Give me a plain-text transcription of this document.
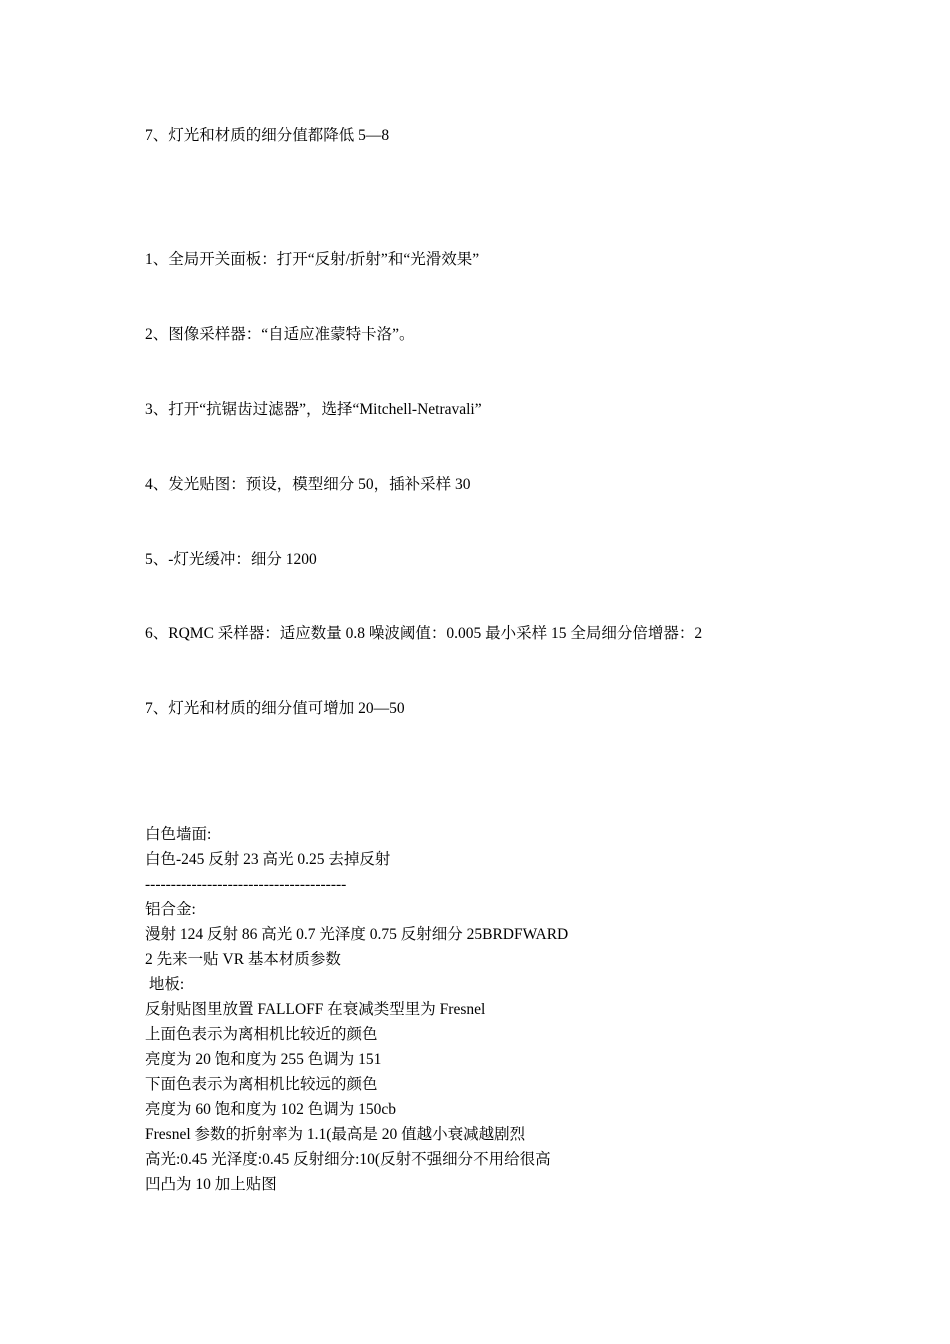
7、灯光和材质的细分值都降低 5—8
1、全局开关面板：打开“反射/折射”和“光滑效果”
2、图像采样器：“自适应准蒙特卡洛”。
3、打开“抗锯齿过滤器”，选择“Mitchell-Netravali”
4、发光贴图：预设，模型细分 50，插补采样 30
5、-灯光缓冲：细分 1200
6、RQMC 采样器：适应数量 0.8 噪波阈值：0.005 最小采样 15 全局细分倍增器：2
7、灯光和材质的细分值可增加 20—50
白色墙面:
白色-245 反射 23 高光 0.25 去掉反射
---------------------------------------
铝合金:
漫射 124 反射 86 高光 0.7 光泽度 0.75 反射细分 25BRDFWARD
2 先来一贴 VR 基本材质参数
地板:
反射贴图里放置 FALLOFF 在衰减类型里为 Fresnel
上面色表示为离相机比较近的颜色
亮度为 20 饱和度为 255 色调为 151
下面色表示为离相机比较远的颜色
亮度为 60 饱和度为 102 色调为 150cb
Fresnel 参数的折射率为 1.1(最高是 20 值越小衰减越剧烈
高光:0.45 光泽度:0.45 反射细分:10(反射不强细分不用给很高
凹凸为 10 加上贴图
